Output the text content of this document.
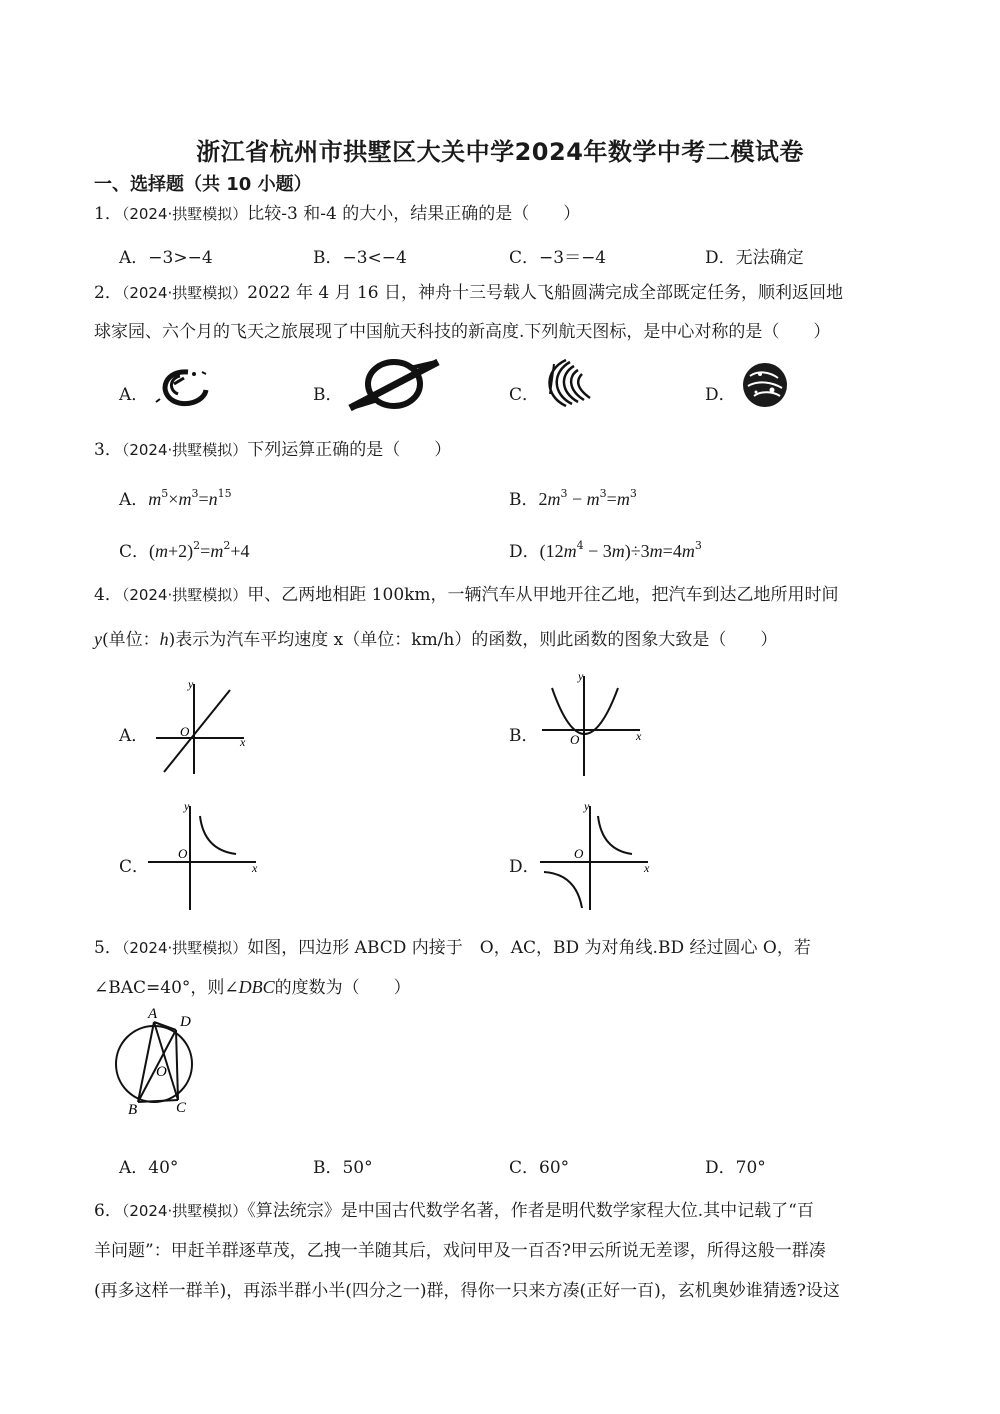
浙江省杭州市拱墅区大关中学2024年数学中考二模试卷
一、选择题（共 10 小题）
1．（2024·拱墅模拟）比较-3 和-4 的大小，结果正确的是（　　）
A．−3>−4	B．−3<−4	C．−3＝−4	D．无法确定
2．（2024·拱墅模拟）2022 年 4 月 16 日，神舟十三号载人飞船圆满完成全部既定任务，顺利返回地
球家园、六个月的飞天之旅展现了中国航天科技的新高度.下列航天图标，是中心对称的是（　　）
A．	B．	C．	D．
3．（2024·拱墅模拟）下列运算正确的是（　　）
A．$m^5\times m^3=n^{15}$	B．$2m^3 - m^3=m^3$
C．$(m+2)^2=m^2+4$	D．$(12m^4 - 3m)\div 3m=4m^3$
4．（2024·拱墅模拟）甲、乙两地相距 100km，一辆汽车从甲地开往乙地，把汽车到达乙地所用时间
y(单位：h)表示为汽车平均速度 x（单位：km/h）的函数，则此函数的图象大致是（　　）
A．
y
x
O	B．
y
x
O
C．
y
x
O
D．
y
x
O
5．（2024·拱墅模拟）如图，四边形 ABCD 内接于　O，AC，BD 为对角线.BD 经过圆心 O，若
∠BAC=40°，则∠DBC的度数为（　　）
A D
O
B	C
A．40°	B．50°	C．60°	D．70°
6．（2024·拱墅模拟）《算法统宗》是中国古代数学名著，作者是明代数学家程大位.其中记载了“百
羊问题”：甲赶羊群逐草茂，乙拽一羊随其后，戏问甲及一百否?甲云所说无差谬，所得这般一群凑
(再多这样一群羊)，再添半群小半(四分之一)群，得你一只来方凑(正好一百)，玄机奥妙谁猜透?设这
